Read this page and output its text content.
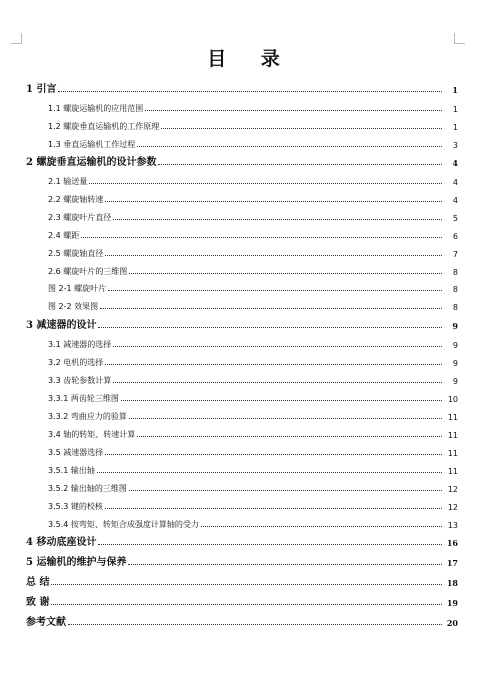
目 录
1 引言	1
1.1 螺旋运输机的应用范围	1
1.2 螺旋垂直运输机的工作原理	1
1.3 垂直运输机工作过程	3
2 螺旋垂直运输机的设计参数	4
2.1 输送量	4
2.2 螺旋轴转速	4
2.3 螺旋叶片直径	5
2.4 螺距	6
2.5 螺旋轴直径	7
2.6 螺旋叶片的三维图	8
图 2-1 螺旋叶片	8
图 2-2 效果图	8
3 减速器的设计	9
3.1 减速器的选择	9
3.2 电机的选择	9
3.3 齿轮参数计算	9
3.3.1 两齿轮三维图	10
3.3.2 弯曲应力的验算	11
3.4 轴的转矩、转速计算	11
3.5 减速器选择	11
3.5.1 输出轴	11
3.5.2 输出轴的三维图	12
3.5.3 键的校核	12
3.5.4 按弯矩、转矩合成强度计算轴的受力	13
4 移动底座设计	16
5 运输机的维护与保养	17
总 结	18
致 谢	19
参考文献	20
